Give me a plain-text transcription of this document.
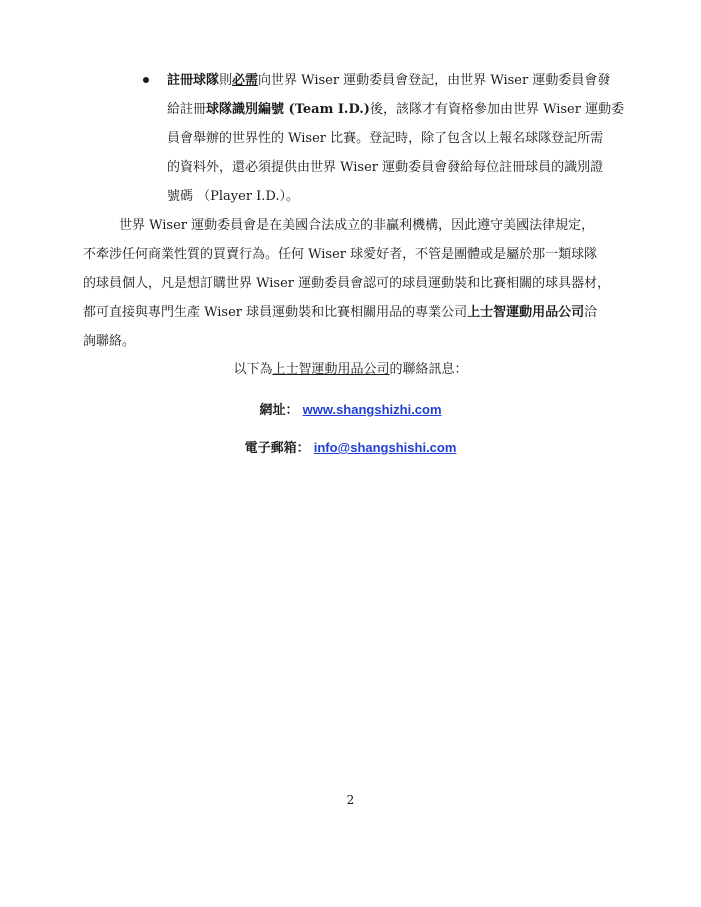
註冊球隊則必需向世界 Wiser 運動委員會登記，由世界 Wiser 運動委員會發
給註冊球隊識別編號 (Team I.D.)後，該隊才有資格參加由世界 Wiser 運動委
員會舉辦的世界性的 Wiser 比賽。登記時，除了包含以上報名球隊登記所需
的資料外，還必須提供由世界 Wiser 運動委員會發給每位註冊球員的識別證
號碼 （Player I.D.）。
世界 Wiser 運動委員會是在美國合法成立的非贏利機構，因此遵守美國法律規定，
不牽涉任何商業性質的買賣行為。任何 Wiser 球愛好者，不管是團體或是屬於那一類球隊
的球員個人，凡是想訂購世界 Wiser 運動委員會認可的球員運動裝和比賽相關的球具器材，
都可直接與專門生產 Wiser 球員運動裝和比賽相關用品的專業公司上士智運動用品公司洽
詢聯絡。
以下為上士智運動用品公司的聯絡訊息：
網址： www.shangshizhi.com
電子郵箱： info@shangshishi.com
2
